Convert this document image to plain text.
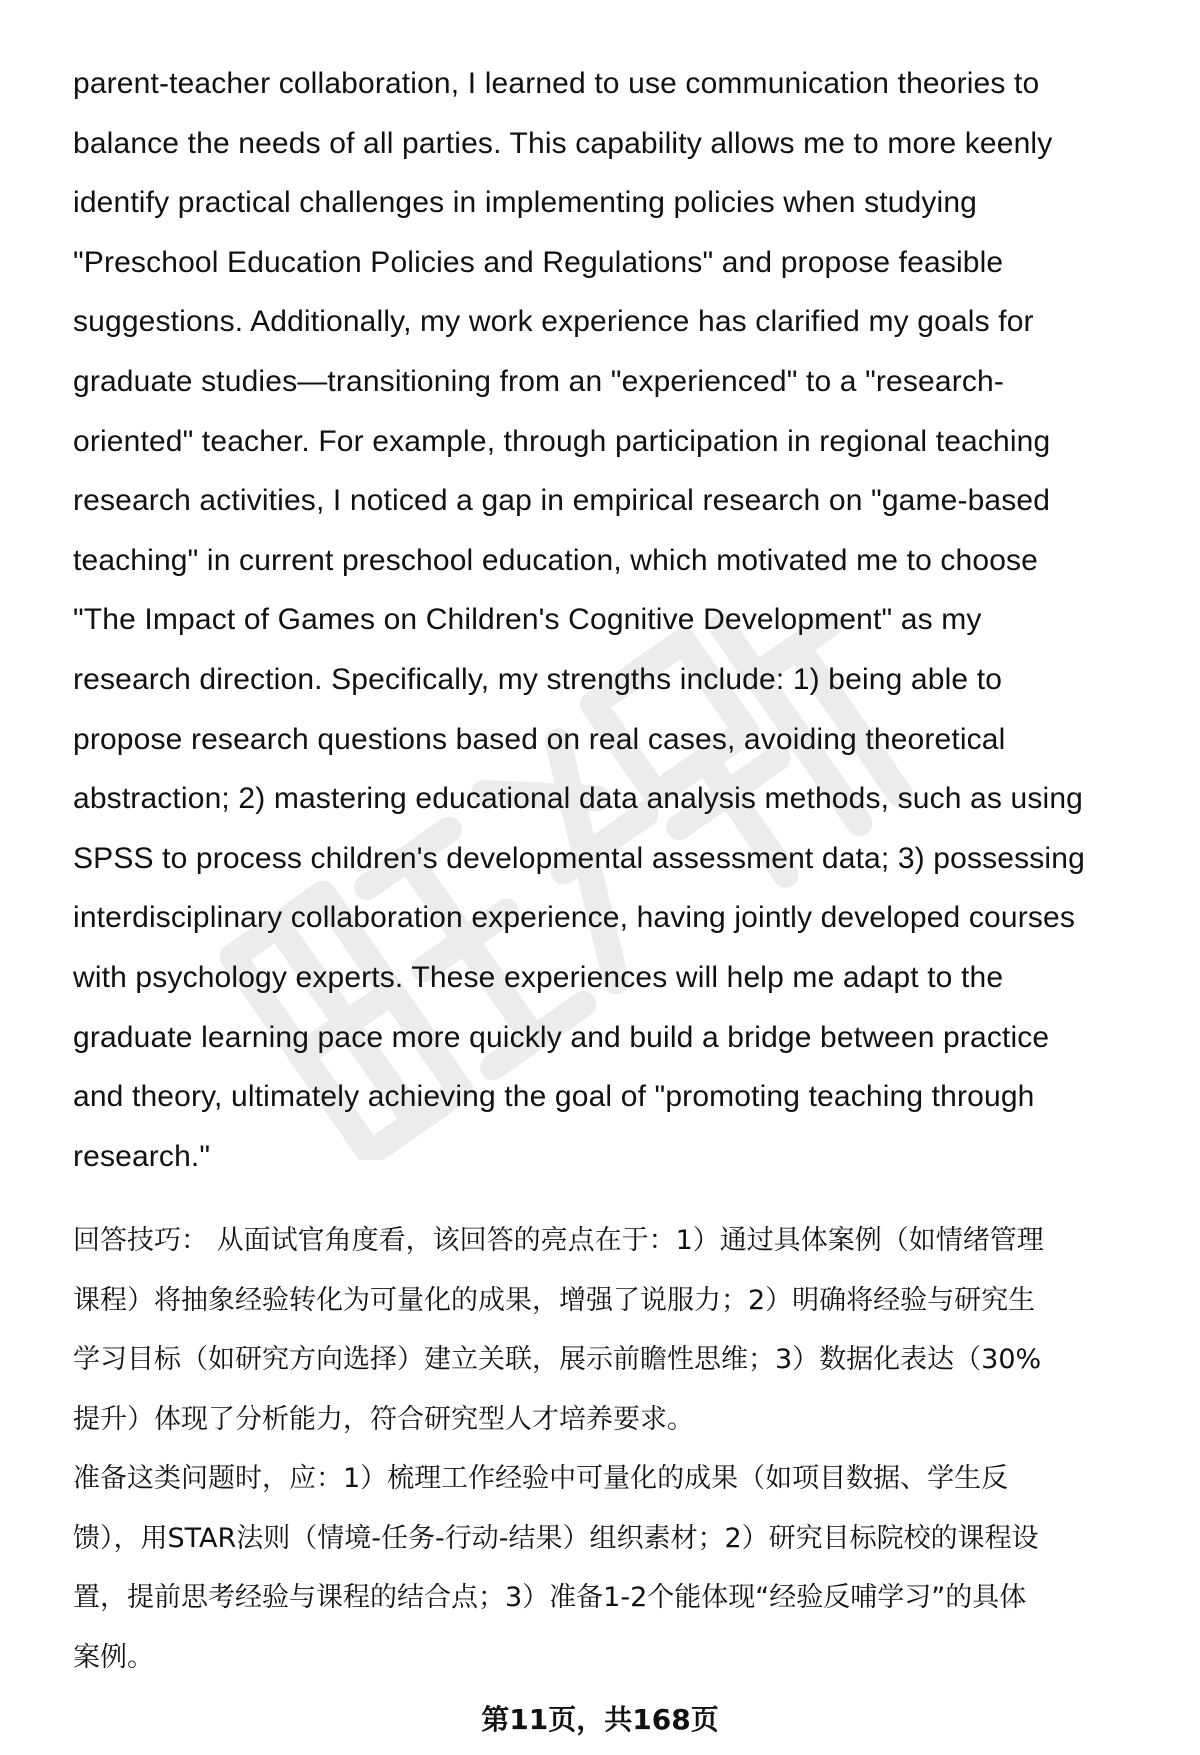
parent-teacher collaboration, I learned to use communication theories to
balance the needs of all parties. This capability allows me to more keenly
identify practical challenges in implementing policies when studying
"Preschool Education Policies and Regulations" and propose feasible
suggestions. Additionally, my work experience has clarified my goals for
graduate studies—transitioning from an "experienced" to a "research-
oriented" teacher. For example, through participation in regional teaching
research activities, I noticed a gap in empirical research on "game-based
teaching" in current preschool education, which motivated me to choose
"The Impact of Games on Children's Cognitive Development" as my
research direction. Specifically, my strengths include: 1) being able to
propose research questions based on real cases, avoiding theoretical
abstraction; 2) mastering educational data analysis methods, such as using
SPSS to process children's developmental assessment data; 3) possessing
interdisciplinary collaboration experience, having jointly developed courses
with psychology experts. These experiences will help me adapt to the
graduate learning pace more quickly and build a bridge between practice
and theory, ultimately achieving the goal of "promoting teaching through
research."
回答技巧： 从面试官角度看，该回答的亮点在于：1）通过具体案例（如情绪管理
课程）将抽象经验转化为可量化的成果，增强了说服力；2）明确将经验与研究生
学习目标（如研究方向选择）建立关联，展示前瞻性思维；3）数据化表达（30%
提升）体现了分析能力，符合研究型人才培养要求。
准备这类问题时，应：1）梳理工作经验中可量化的成果（如项目数据、学生反
馈），用STAR法则（情境-任务-行动-结果）组织素材；2）研究目标院校的课程设
置，提前思考经验与课程的结合点；3）准备1-2个能体现“经验反哺学习”的具体
案例。
第11页，共168页
